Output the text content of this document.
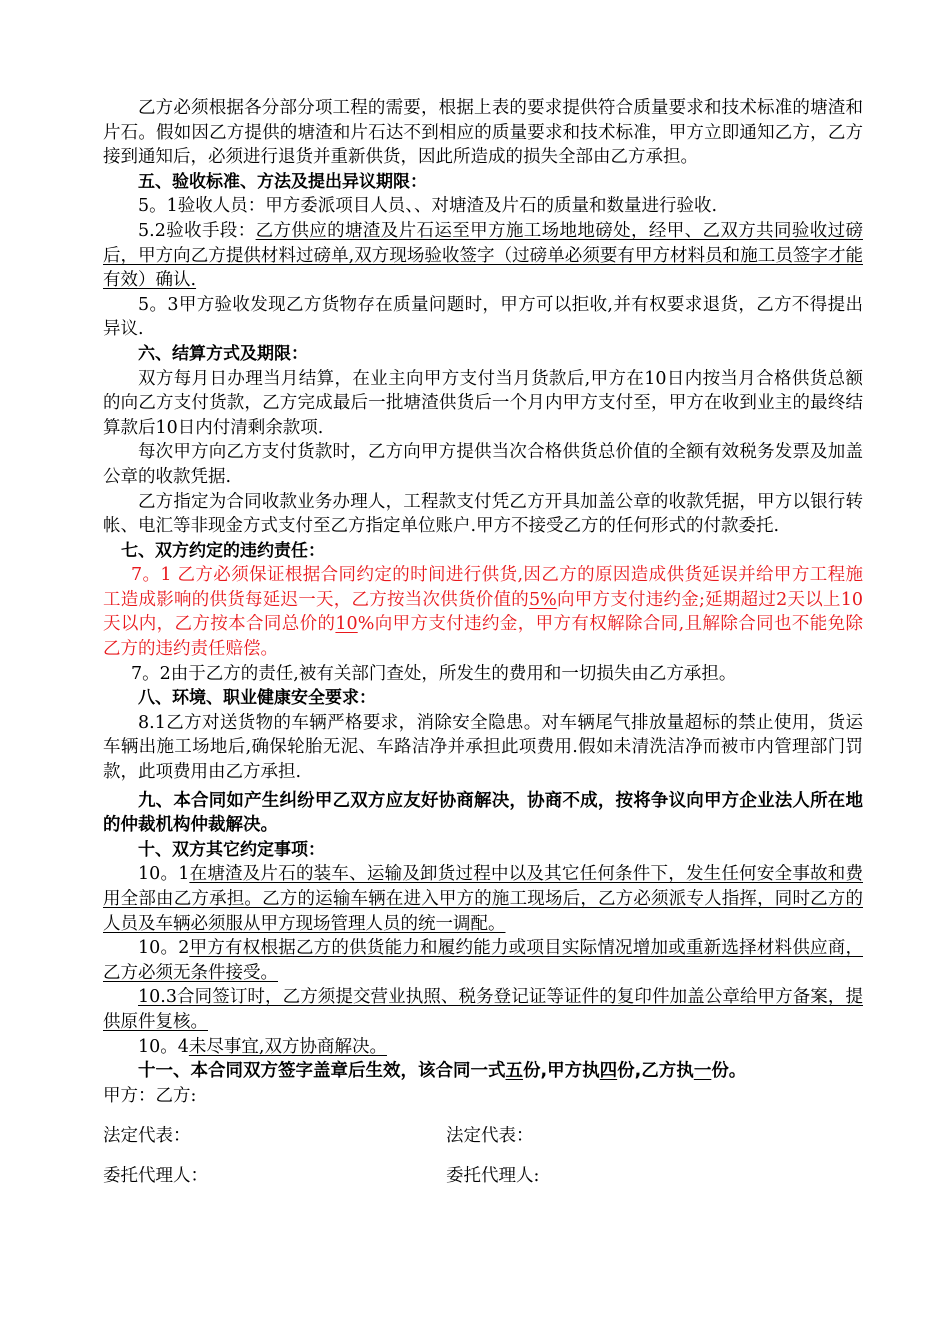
乙方必须根据各分部分项工程的需要，根据上表的要求提供符合质量要求和技术标准的塘渣和片石。假如因乙方提供的塘渣和片石达不到相应的质量要求和技术标准，甲方立即通知乙方，乙方接到通知后，必须进行退货并重新供货，因此所造成的损失全部由乙方承担。

五、验收标准、方法及提出异议期限：

5。1验收人员：甲方委派项目人员、、对塘渣及片石的质量和数量进行验收.

5.2验收手段：乙方供应的塘渣及片石运至甲方施工场地地磅处，经甲、乙双方共同验收过磅后，甲方向乙方提供材料过磅单,双方现场验收签字（过磅单必须要有甲方材料员和施工员签字才能有效）确认.

5。3甲方验收发现乙方货物存在质量问题时，甲方可以拒收,并有权要求退货，乙方不得提出异议.

六、结算方式及期限：

双方每月日办理当月结算，在业主向甲方支付当月货款后,甲方在10日内按当月合格供货总额的向乙方支付货款，乙方完成最后一批塘渣供货后一个月内甲方支付至，甲方在收到业主的最终结算款后10日内付清剩余款项.

每次甲方向乙方支付货款时，乙方向甲方提供当次合格供货总价值的全额有效税务发票及加盖公章的收款凭据.

乙方指定为合同收款业务办理人，工程款支付凭乙方开具加盖公章的收款凭据，甲方以银行转帐、电汇等非现金方式支付至乙方指定单位账户.甲方不接受乙方的任何形式的付款委托.

七、双方约定的违约责任：

7。1 乙方必须保证根据合同约定的时间进行供货,因乙方的原因造成供货延误并给甲方工程施工造成影响的供货每延迟一天，乙方按当次供货价值的5%向甲方支付违约金;延期超过2天以上10天以内，乙方按本合同总价的10%向甲方支付违约金，甲方有权解除合同,且解除合同也不能免除乙方的违约责任赔偿。

7。2由于乙方的责任,被有关部门查处，所发生的费用和一切损失由乙方承担。

八、环境、职业健康安全要求：

8.1乙方对送货物的车辆严格要求，消除安全隐患。对车辆尾气排放量超标的禁止使用，货运车辆出施工场地后,确保轮胎无泥、车路洁净并承担此项费用.假如未清洗洁净而被市内管理部门罚款，此项费用由乙方承担.

九、本合同如产生纠纷甲乙双方应友好协商解决，协商不成，按将争议向甲方企业法人所在地的仲裁机构仲裁解决。

十、双方其它约定事项：

10。1在塘渣及片石的装车、运输及卸货过程中以及其它任何条件下，发生任何安全事故和费用全部由乙方承担。乙方的运输车辆在进入甲方的施工现场后，乙方必须派专人指挥，同时乙方的人员及车辆必须服从甲方现场管理人员的统一调配。

10。2甲方有权根据乙方的供货能力和履约能力或项目实际情况增加或重新选择材料供应商，乙方必须无条件接受。

10.3合同签订时，乙方须提交营业执照、税务登记证等证件的复印件加盖公章给甲方备案，提供原件复核。

10。4未尽事宜,双方协商解决。

十一、本合同双方签字盖章后生效，该合同一式五份,甲方执四份,乙方执一份。

甲方：乙方:

法定代表：	法定代表：
委托代理人：	委托代理人:
